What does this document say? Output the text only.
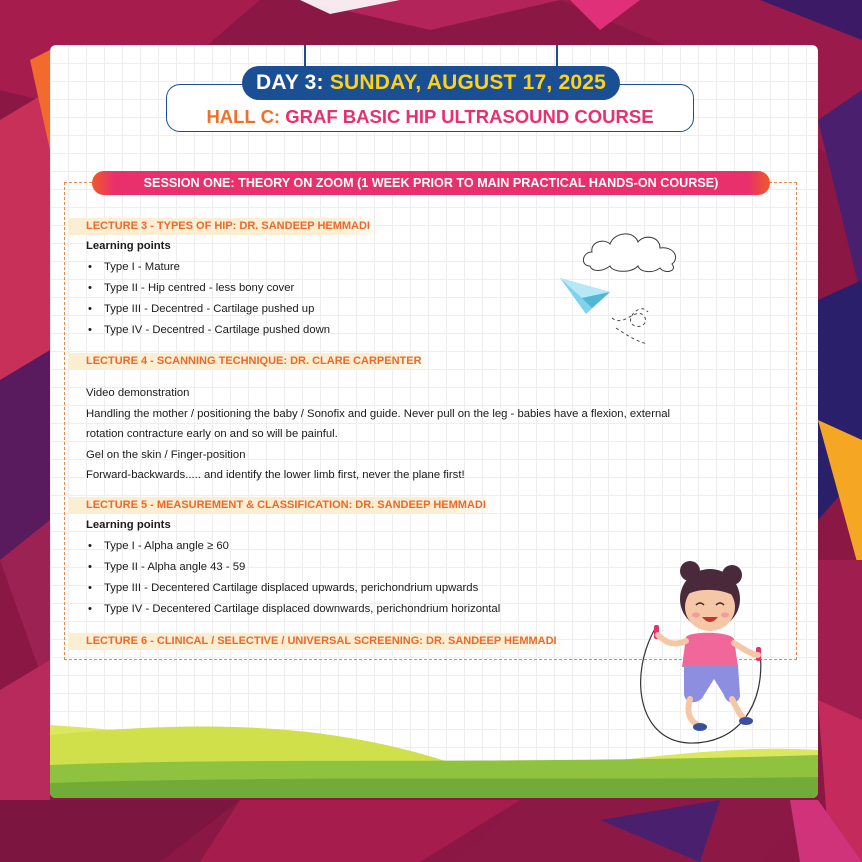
DAY 3: SUNDAY, AUGUST 17, 2025
HALL C: GRAF BASIC HIP ULTRASOUND COURSE
SESSION ONE: THEORY ON ZOOM (1 WEEK PRIOR TO MAIN PRACTICAL HANDS-ON COURSE)
LECTURE 3 - TYPES OF HIP: DR. SANDEEP HEMMADI
Learning points
• Type I - Mature
• Type II - Hip centred - less bony cover
• Type III - Decentred - Cartilage pushed up
• Type IV - Decentred - Cartilage pushed down
LECTURE 4 - SCANNING TECHNIQUE: DR. CLARE CARPENTER
Video demonstration
Handling the mother / positioning the baby / Sonofix and guide. Never pull on the leg - babies have a flexion, external
rotation contracture early on and so will be painful.
Gel on the skin / Finger-position
Forward-backwards..... and identify the lower limb first, never the plane first!
LECTURE 5 - MEASUREMENT & CLASSIFICATION: DR. SANDEEP HEMMADI
Learning points
• Type I - Alpha angle ≥ 60
• Type II - Alpha angle 43 - 59
• Type III - Decentered Cartilage displaced upwards, perichondrium upwards
• Type IV - Decentered Cartilage displaced downwards, perichondrium horizontal
LECTURE 6 - CLINICAL / SELECTIVE / UNIVERSAL SCREENING: DR. SANDEEP HEMMADI
